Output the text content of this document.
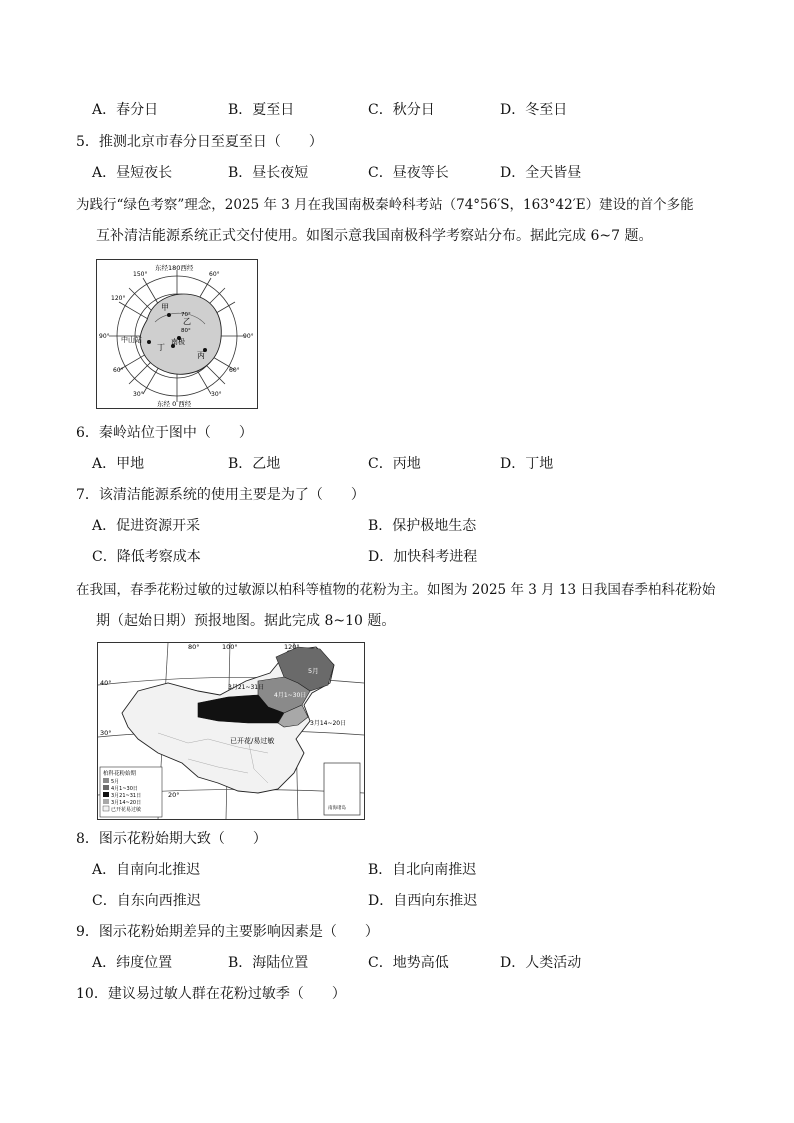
A．春分日	B．夏至日	C．秋分日	D．冬至日
5．推测北京市春分日至夏至日（　　）
A．昼短夜长	B．昼长夜短	C．昼夜等长	D．全天皆昼
为践行“绿色考察”理念，2025 年 3 月在我国南极秦岭科考站（74°56′S，163°42′E）建设的首个多能
互补清洁能源系统正式交付使用。如图示意我国南极科学考察站分布。据此完成 6~7 题。
东经180西经
东经 0 西经
150°
120°
90°
60°
30°
60°
90°
60°
30°
80°
70°
甲
中山站
丁
南极
丙
乙
6．秦岭站位于图中（　　）
A．甲地	B．乙地	C．丙地	D．丁地
7．该清洁能源系统的使用主要是为了（　　）
A．促进资源开采	B．保护极地生态
C．降低考察成本	D．加快科考进程
在我国，春季花粉过敏的过敏源以柏科等植物的花粉为主。如图为 2025 年 3 月 13 日我国春季柏科花粉始
期（起始日期）预报地图。据此完成 8~10 题。
80°	100°	120°
40°
30°
20°
5月
3月21~31日
4月1~30日
3月14~20日
已开花/易过敏
柏科花粉始期
5月
4月1~30日
3月21~31日
3月14~20日
已开花易过敏	南海诸岛
8．图示花粉始期大致（　　）
A．自南向北推迟	B．自北向南推迟
C．自东向西推迟	D．自西向东推迟
9．图示花粉始期差异的主要影响因素是（　　）
A．纬度位置	B．海陆位置	C．地势高低	D．人类活动
10．建议易过敏人群在花粉过敏季（　　）
